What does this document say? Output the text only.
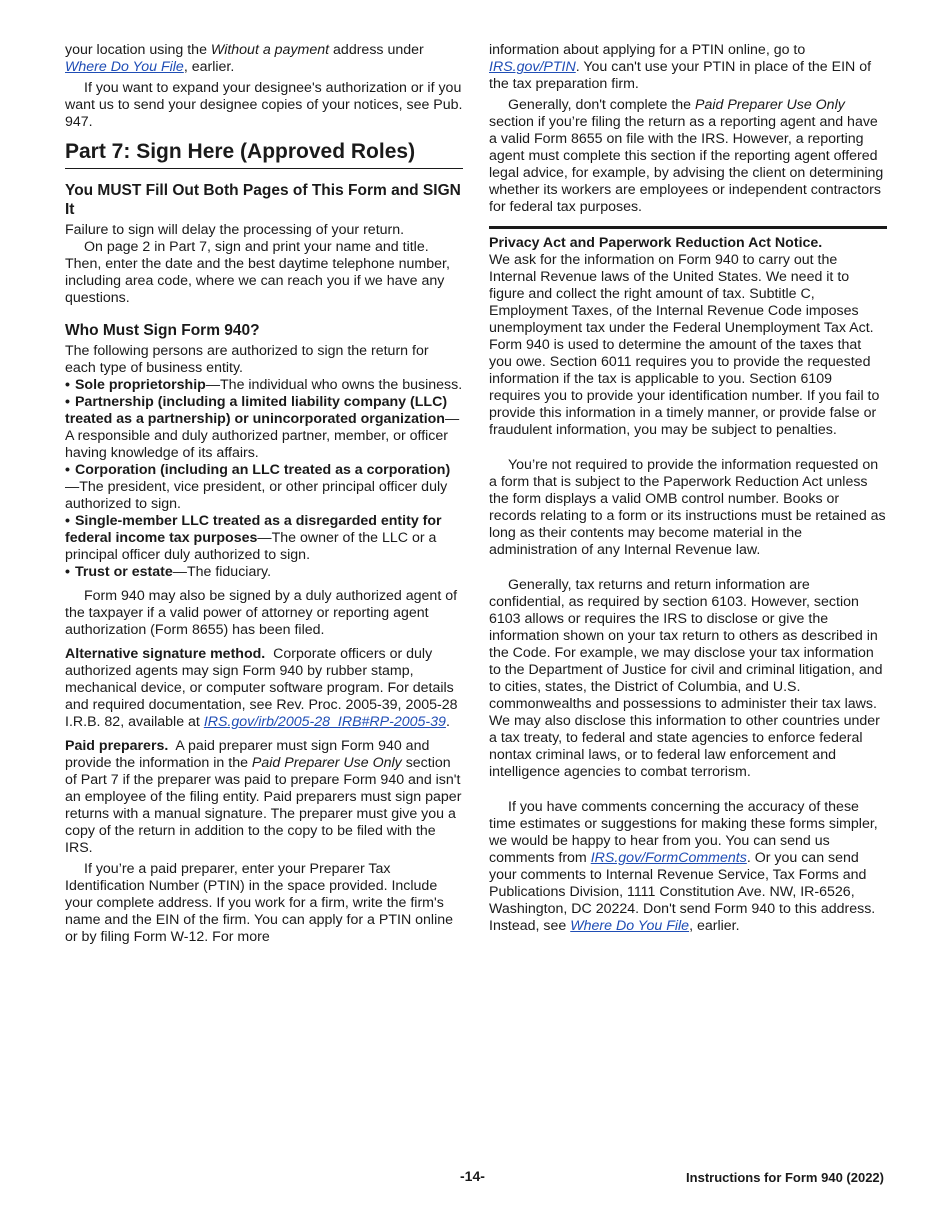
your location using the Without a payment address under Where Do You File, earlier.

If you want to expand your designee's authorization or if you want us to send your designee copies of your notices, see Pub. 947.

Part 7: Sign Here (Approved Roles)
You MUST Fill Out Both Pages of This Form and SIGN It

Failure to sign will delay the processing of your return.

On page 2 in Part 7, sign and print your name and title. Then, enter the date and the best daytime telephone number, including area code, where we can reach you if we have any questions.

Who Must Sign Form 940?

The following persons are authorized to sign the return for each type of business entity.

• Sole proprietorship—The individual who owns the business.

• Partnership (including a limited liability company (LLC) treated as a partnership) or unincorporated organization—A responsible and duly authorized partner, member, or officer having knowledge of its affairs.

• Corporation (including an LLC treated as a corporation)—The president, vice president, or other principal officer duly authorized to sign.

• Single-member LLC treated as a disregarded entity for federal income tax purposes—The owner of the LLC or a principal officer duly authorized to sign.

• Trust or estate—The fiduciary.

Form 940 may also be signed by a duly authorized agent of the taxpayer if a valid power of attorney or reporting agent authorization (Form 8655) has been filed.

Alternative signature method. Corporate officers or duly authorized agents may sign Form 940 by rubber stamp, mechanical device, or computer software program. For details and required documentation, see Rev. Proc. 2005-39, 2005-28 I.R.B. 82, available at IRS.gov/irb/2005-28_IRB#RP-2005-39.

Paid preparers. A paid preparer must sign Form 940 and provide the information in the Paid Preparer Use Only section of Part 7 if the preparer was paid to prepare Form 940 and isn't an employee of the filing entity. Paid preparers must sign paper returns with a manual signature. The preparer must give you a copy of the return in addition to the copy to be filed with the IRS.

If you’re a paid preparer, enter your Preparer Tax Identification Number (PTIN) in the space provided. Include your complete address. If you work for a firm, write the firm's name and the EIN of the firm. You can apply for a PTIN online or by filing Form W-12. For more

information about applying for a PTIN online, go to IRS.gov/PTIN. You can't use your PTIN in place of the EIN of the tax preparation firm.

Generally, don't complete the Paid Preparer Use Only section if you’re filing the return as a reporting agent and have a valid Form 8655 on file with the IRS. However, a reporting agent must complete this section if the reporting agent offered legal advice, for example, by advising the client on determining whether its workers are employees or independent contractors for federal tax purposes.

Privacy Act and Paperwork Reduction Act Notice.
We ask for the information on Form 940 to carry out the Internal Revenue laws of the United States. We need it to figure and collect the right amount of tax. Subtitle C, Employment Taxes, of the Internal Revenue Code imposes unemployment tax under the Federal Unemployment Tax Act. Form 940 is used to determine the amount of the taxes that you owe. Section 6011 requires you to provide the requested information if the tax is applicable to you. Section 6109 requires you to provide your identification number. If you fail to provide this information in a timely manner, or provide false or fraudulent information, you may be subject to penalties.

You’re not required to provide the information requested on a form that is subject to the Paperwork Reduction Act unless the form displays a valid OMB control number. Books or records relating to a form or its instructions must be retained as long as their contents may become material in the administration of any Internal Revenue law.

Generally, tax returns and return information are confidential, as required by section 6103. However, section 6103 allows or requires the IRS to disclose or give the information shown on your tax return to others as described in the Code. For example, we may disclose your tax information to the Department of Justice for civil and criminal litigation, and to cities, states, the District of Columbia, and U.S. commonwealths and possessions to administer their tax laws. We may also disclose this information to other countries under a tax treaty, to federal and state agencies to enforce federal nontax criminal laws, or to federal law enforcement and intelligence agencies to combat terrorism.

If you have comments concerning the accuracy of these time estimates or suggestions for making these forms simpler, we would be happy to hear from you. You can send us comments from IRS.gov/FormComments. Or you can send your comments to Internal Revenue Service, Tax Forms and Publications Division, 1111 Constitution Ave. NW, IR-6526, Washington, DC 20224. Don't send Form 940 to this address. Instead, see Where Do You File, earlier.

-14-	Instructions for Form 940 (2022)
